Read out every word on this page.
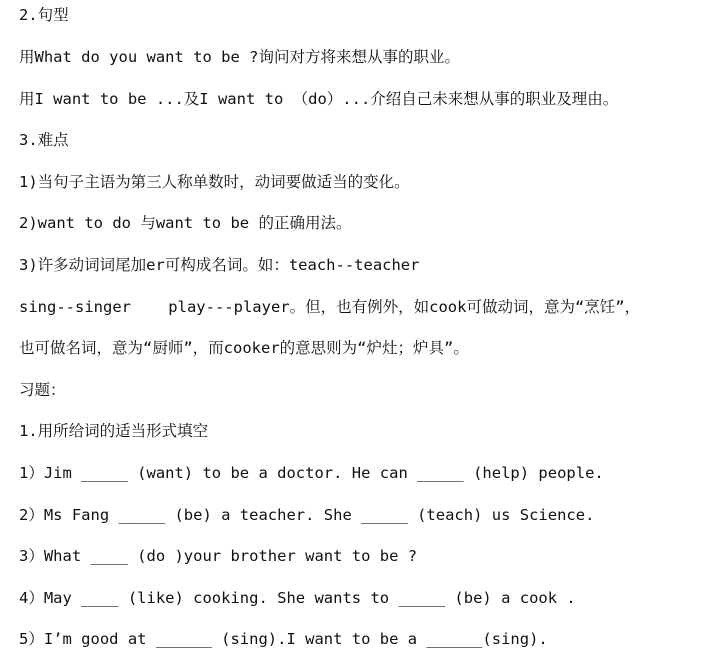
2.句型
用What do you want to be ?询问对方将来想从事的职业。
用I want to be ...及I want to （do）...介绍自己未来想从事的职业及理由。
3.难点
1)当句子主语为第三人称单数时，动词要做适当的变化。
2)want to do 与want to be 的正确用法。
3)许多动词词尾加er可构成名词。如：teach--teacher
sing--singer    play---player。但，也有例外，如cook可做动词，意为“烹饪”，
也可做名词，意为“厨师”，而cooker的意思则为“炉灶；炉具”。
习题：
1.用所给词的适当形式填空
1）Jim _____ (want) to be a doctor. He can _____ (help) people.
2）Ms Fang _____ (be) a teacher. She _____ (teach) us Science.
3）What ____ (do )your brother want to be ?
4）May ____ (like) cooking. She wants to _____ (be) a cook .
5）I’m good at ______ (sing).I want to be a ______(sing).
